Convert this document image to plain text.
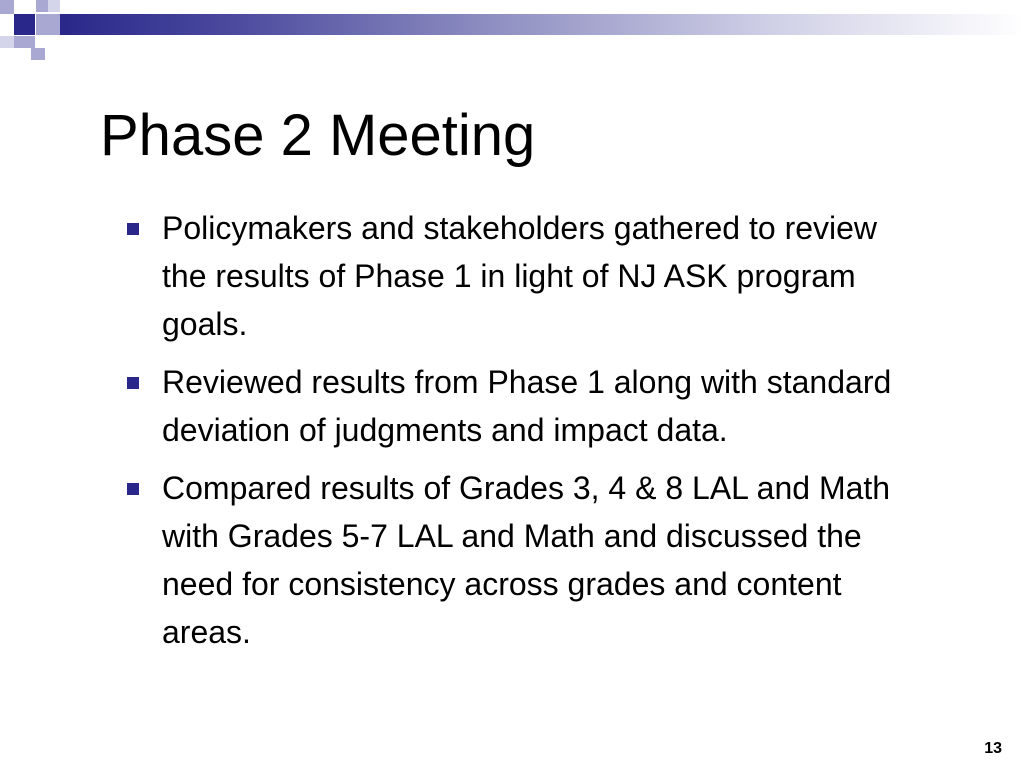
Phase 2 Meeting
Policymakers and stakeholders gathered to review the results of Phase 1 in light of NJ ASK program goals.
Reviewed results from Phase 1 along with standard deviation of judgments and impact data.
Compared results of Grades 3, 4 & 8 LAL and Math with Grades 5-7 LAL and Math and discussed the need for consistency across grades and content areas.
13
